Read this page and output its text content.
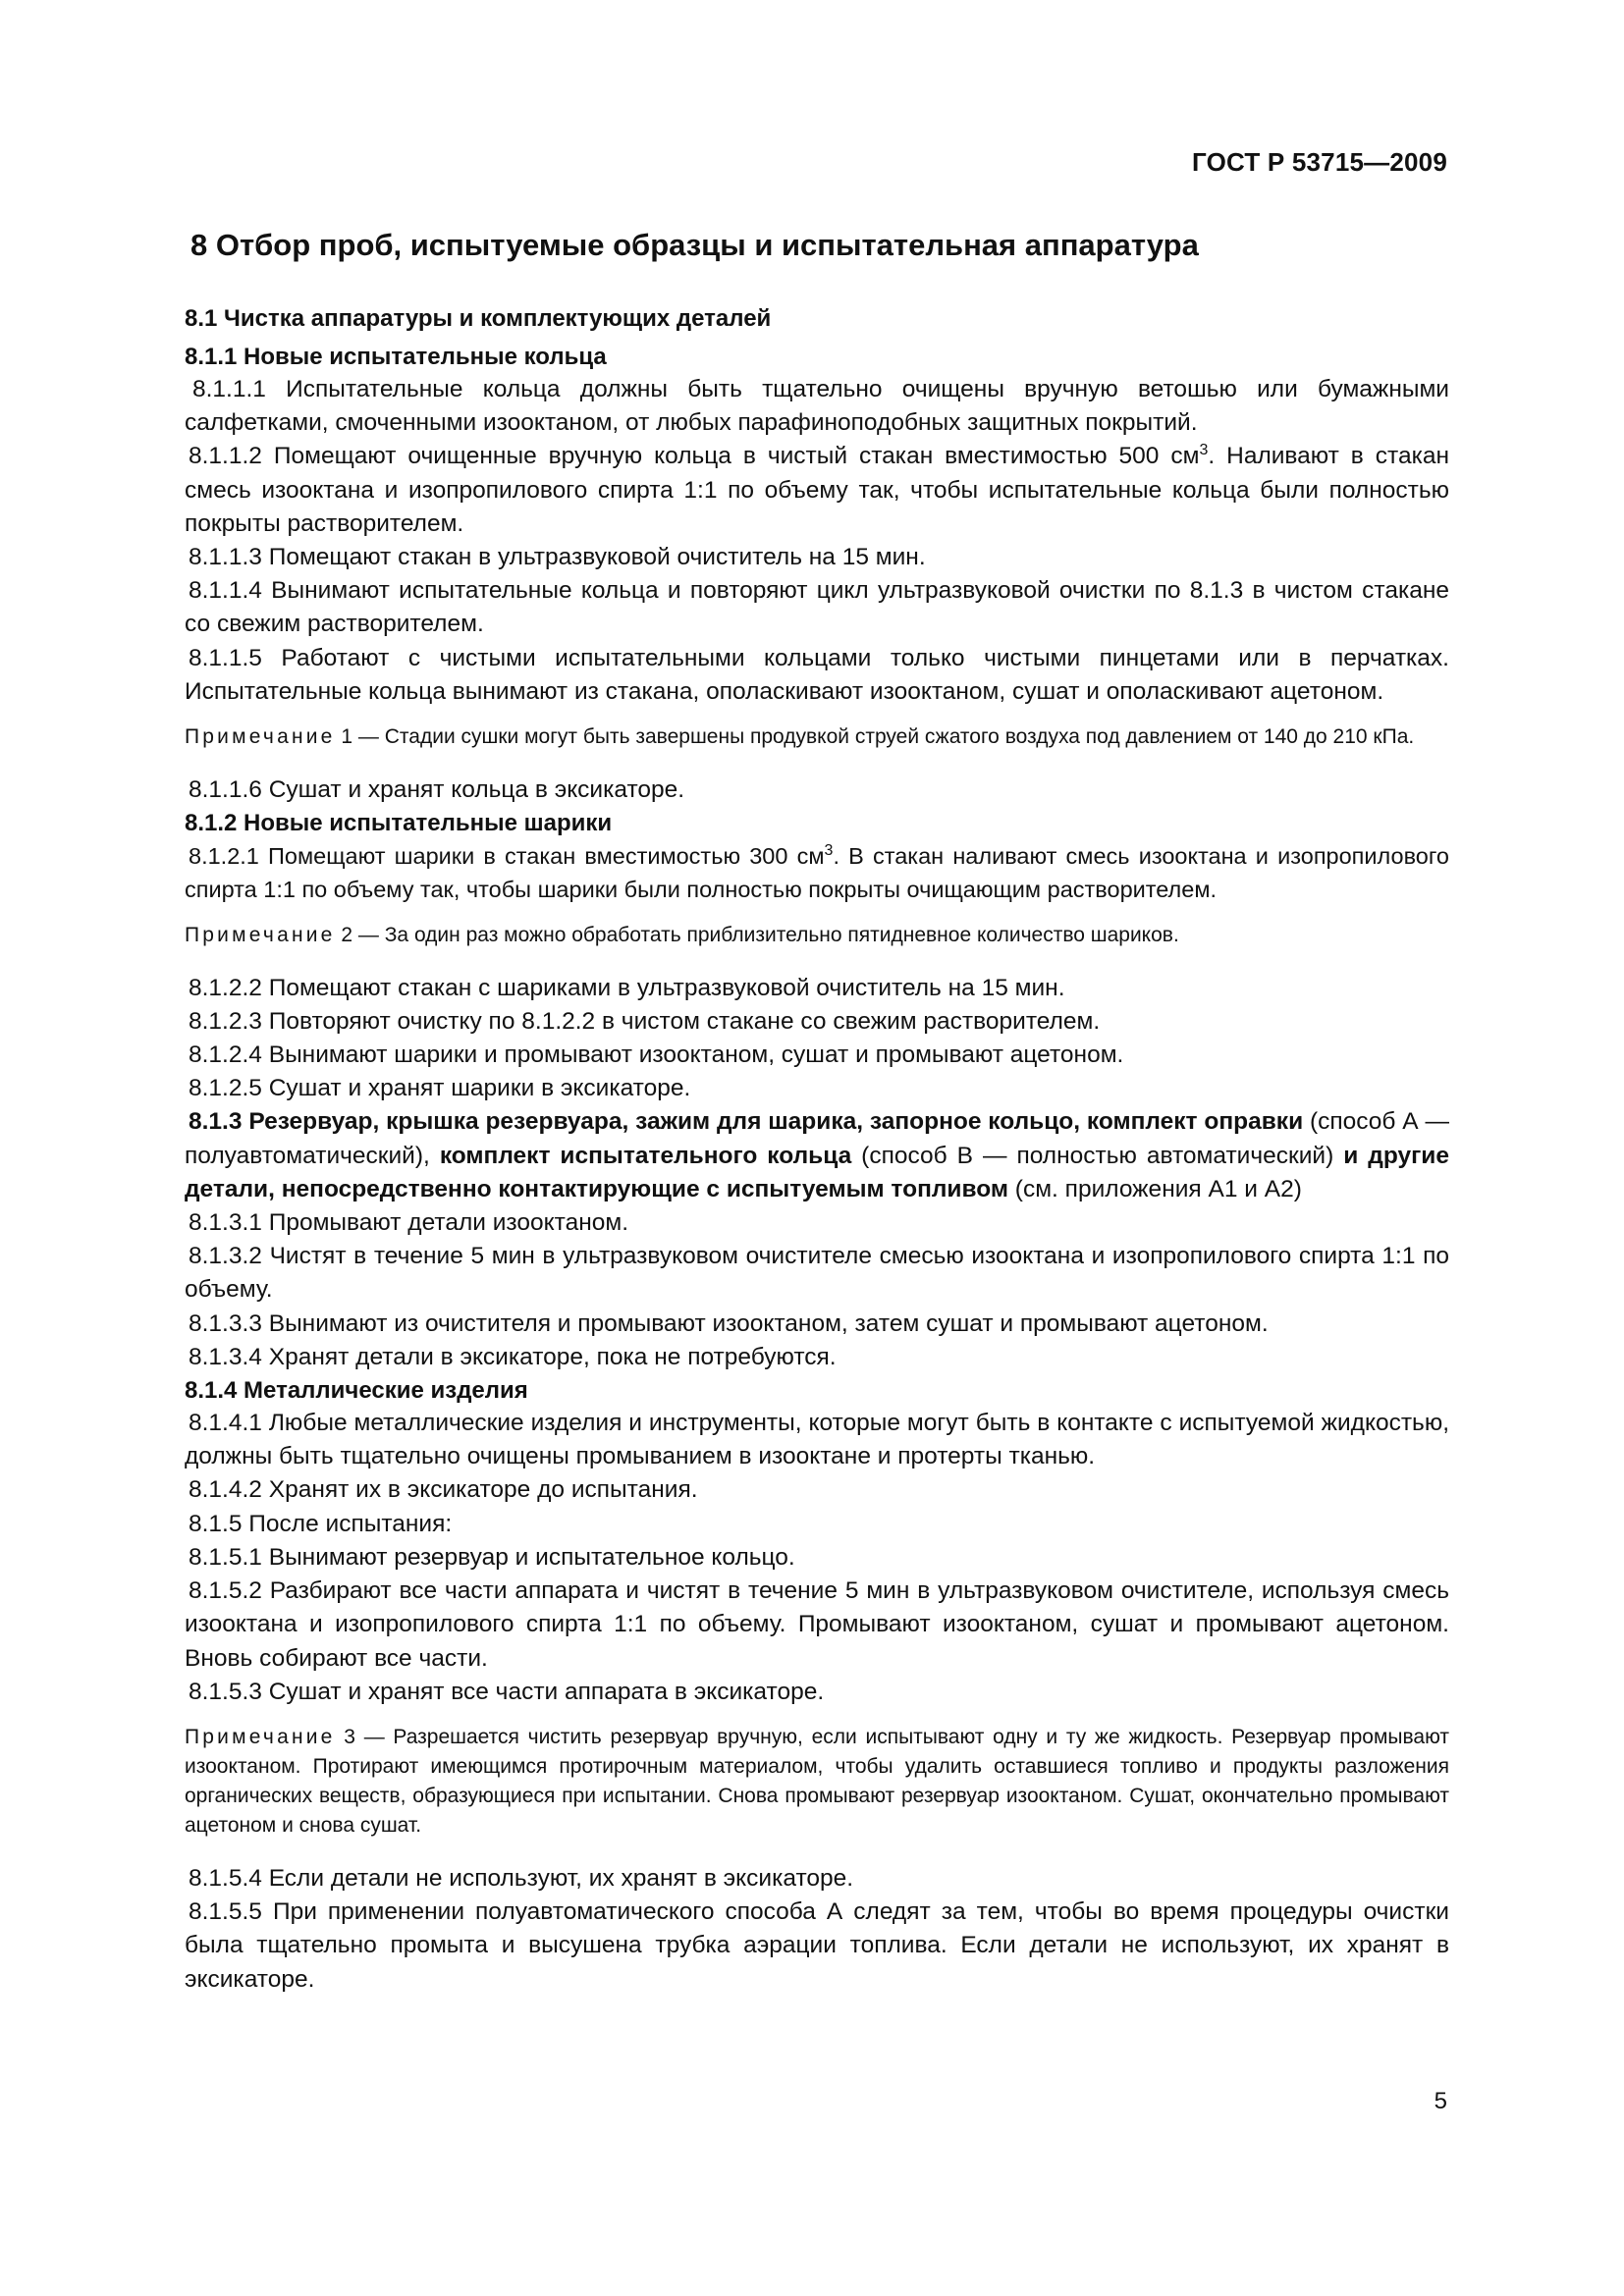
ГОСТ Р 53715—2009
8 Отбор проб, испытуемые образцы и испытательная аппаратура
8.1 Чистка аппаратуры и комплектующих деталей
8.1.1 Новые испытательные кольца

8.1.1.1 Испытательные кольца должны быть тщательно очищены вручную ветошью или бумажными салфетками, смоченными изооктаном, от любых парафиноподобных защитных покрытий.

8.1.1.2 Помещают очищенные вручную кольца в чистый стакан вместимостью 500 $см^3$. Наливают в стакан смесь изооктана и изопропилового спирта 1:1 по объему так, чтобы испытательные кольца были полностью покрыты растворителем.

8.1.1.3 Помещают стакан в ультразвуковой очиститель на 15 мин.

8.1.1.4 Вынимают испытательные кольца и повторяют цикл ультразвуковой очистки по 8.1.3 в чистом стакане со свежим растворителем.

8.1.1.5 Работают с чистыми испытательными кольцами только чистыми пинцетами или в перчатках. Испытательные кольца вынимают из стакана, ополаскивают изооктаном, сушат и ополаскивают ацетоном.

Примечание 1 — Стадии сушки могут быть завершены продувкой струей сжатого воздуха под давлением от 140 до 210 кПа.

8.1.1.6 Сушат и хранят кольца в эксикаторе.

8.1.2 Новые испытательные шарики

8.1.2.1 Помещают шарики в стакан вместимостью 300 $см^3$. В стакан наливают смесь изооктана и изопропилового спирта 1:1 по объему так, чтобы шарики были полностью покрыты очищающим растворителем.

Примечание 2 — За один раз можно обработать приблизительно пятидневное количество шариков.

8.1.2.2 Помещают стакан с шариками в ультразвуковой очиститель на 15 мин.

8.1.2.3 Повторяют очистку по 8.1.2.2 в чистом стакане со свежим растворителем.

8.1.2.4 Вынимают шарики и промывают изооктаном, сушат и промывают ацетоном.

8.1.2.5 Сушат и хранят шарики в эксикаторе.

8.1.3 Резервуар, крышка резервуара, зажим для шарика, запорное кольцо, комплект оправки (способ А — полуавтоматический), комплект испытательного кольца (способ В — полностью автоматический) и другие детали, непосредственно контактирующие с испытуемым топливом (см. приложения А1 и А2)

8.1.3.1 Промывают детали изооктаном.

8.1.3.2 Чистят в течение 5 мин в ультразвуковом очистителе смесью изооктана и изопропилового спирта 1:1 по объему.

8.1.3.3 Вынимают из очистителя и промывают изооктаном, затем сушат и промывают ацетоном.

8.1.3.4 Хранят детали в эксикаторе, пока не потребуются.

8.1.4 Металлические изделия

8.1.4.1 Любые металлические изделия и инструменты, которые могут быть в контакте с испытуемой жидкостью, должны быть тщательно очищены промыванием в изооктане и протерты тканью.

8.1.4.2 Хранят их в эксикаторе до испытания.

8.1.5 После испытания:

8.1.5.1 Вынимают резервуар и испытательное кольцо.

8.1.5.2 Разбирают все части аппарата и чистят в течение 5 мин в ультразвуковом очистителе, используя смесь изооктана и изопропилового спирта 1:1 по объему. Промывают изооктаном, сушат и промывают ацетоном. Вновь собирают все части.

8.1.5.3 Сушат и хранят все части аппарата в эксикаторе.

Примечание 3 — Разрешается чистить резервуар вручную, если испытывают одну и ту же жидкость. Резервуар промывают изооктаном. Протирают имеющимся протирочным материалом, чтобы удалить оставшиеся топливо и продукты разложения органических веществ, образующиеся при испытании. Снова промывают резервуар изооктаном. Сушат, окончательно промывают ацетоном и снова сушат.

8.1.5.4 Если детали не используют, их хранят в эксикаторе.

8.1.5.5 При применении полуавтоматического способа А следят за тем, чтобы во время процедуры очистки была тщательно промыта и высушена трубка аэрации топлива. Если детали не используют, их хранят в эксикаторе.

5
